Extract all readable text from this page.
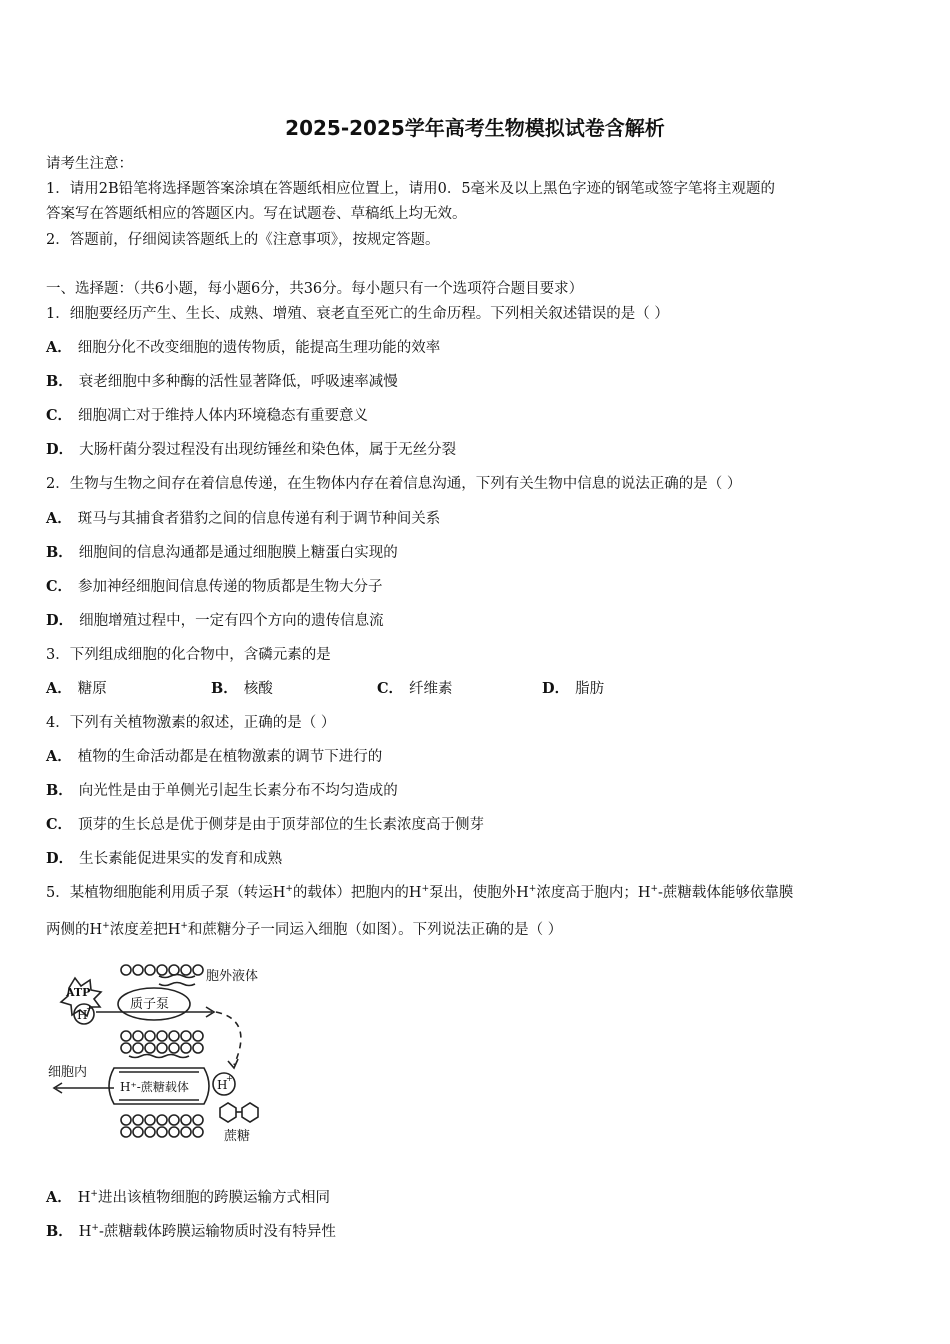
2025-2025学年高考生物模拟试卷含解析
请考生注意：
1．请用2B铅笔将选择题答案涂填在答题纸相应位置上，请用0．5毫米及以上黑色字迹的钢笔或签字笔将主观题的
答案写在答题纸相应的答题区内。写在试题卷、草稿纸上均无效。
2．答题前，仔细阅读答题纸上的《注意事项》，按规定答题。
一、选择题：（共6小题，每小题6分，共36分。每小题只有一个选项符合题目要求）
1．细胞要经历产生、生长、成熟、增殖、衰老直至死亡的生命历程。下列相关叙述错误的是（ ）
A． 细胞分化不改变细胞的遗传物质，能提高生理功能的效率
B． 衰老细胞中多种酶的活性显著降低，呼吸速率减慢
C． 细胞凋亡对于维持人体内环境稳态有重要意义
D． 大肠杆菌分裂过程没有出现纺锤丝和染色体，属于无丝分裂
2．生物与生物之间存在着信息传递，在生物体内存在着信息沟通，下列有关生物中信息的说法正确的是（ ）
A． 斑马与其捕食者猎豹之间的信息传递有利于调节种间关系
B． 细胞间的信息沟通都是通过细胞膜上糖蛋白实现的
C． 参加神经细胞间信息传递的物质都是生物大分子
D． 细胞增殖过程中，一定有四个方向的遗传信息流
3．下列组成细胞的化合物中，含磷元素的是
A． 糖原	B． 核酸	C． 纤维素	D． 脂肪
4．下列有关植物激素的叙述，正确的是（ ）
A． 植物的生命活动都是在植物激素的调节下进行的
B． 向光性是由于单侧光引起生长素分布不均匀造成的
C． 顶芽的生长总是优于侧芽是由于顶芽部位的生长素浓度高于侧芽
D． 生长素能促进果实的发育和成熟
5．某植物细胞能利用质子泵（转运H+的载体）把胞内的H+泵出，使胞外H+浓度高于胞内；H+-蔗糖载体能够依靠膜
两侧的H+浓度差把H+和蔗糖分子一同运入细胞（如图）。下列说法正确的是（ ）
ATP
H
+	质子泵
胞外液体
H
+
H⁺-蔗糖载体
细胞内
蔗糖
A． H+进出该植物细胞的跨膜运输方式相同
B． H+-蔗糖载体跨膜运输物质时没有特异性
